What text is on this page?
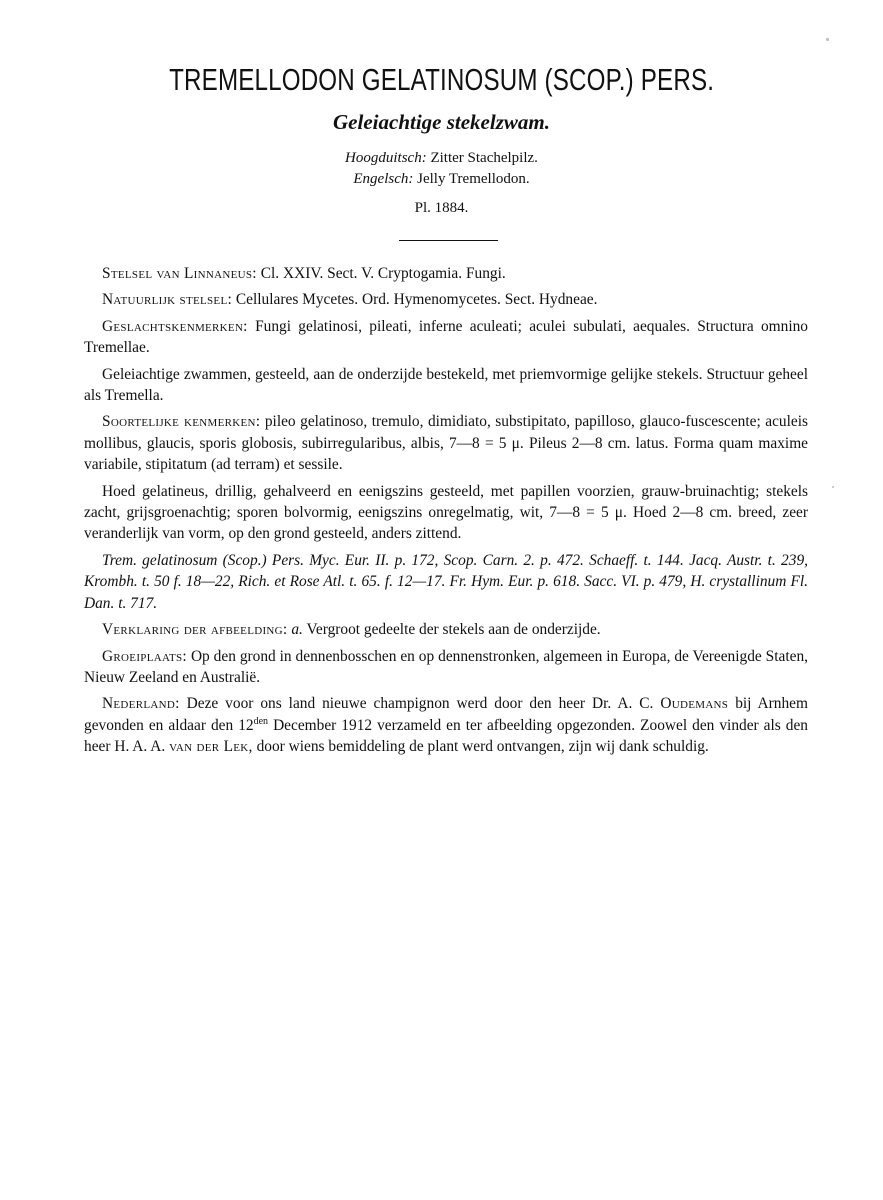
TREMELLODON GELATINOSUM (SCOP.) PERS.
Geleiachtige stekelzwam.
Hoogduitsch: Zitter Stachelpilz.
Engelsch: Jelly Tremellodon.
Pl. 1884.

Stelsel van Linnaneus: Cl. XXIV. Sect. V. Cryptogamia. Fungi.

Natuurlijk stelsel: Cellulares Mycetes. Ord. Hymenomycetes. Sect. Hydneae.

Geslachtskenmerken: Fungi gelatinosi, pileati, inferne aculeati; aculei subulati, aequales. Structura omnino Tremellae.

Geleiachtige zwammen, gesteeld, aan de onderzijde bestekeld, met priemvormige gelijke stekels. Structuur geheel als Tremella.

Soortelijke kenmerken: pileo gelatinoso, tremulo, dimidiato, substipitato, papilloso, glauco-fuscescente; aculeis mollibus, glaucis, sporis globosis, subirregularibus, albis, 7—8 = 5 μ. Pileus 2—8 cm. latus. Forma quam maxime variabile, stipitatum (ad terram) et sessile.

Hoed gelatineus, drillig, gehalveerd en eenigszins gesteeld, met papillen voorzien, grauw-bruinachtig; stekels zacht, grijsgroenachtig; sporen bolvormig, eenigszins onregelmatig, wit, 7—8 = 5 μ. Hoed 2—8 cm. breed, zeer veranderlijk van vorm, op den grond gesteeld, anders zittend.

Trem. gelatinosum (Scop.) Pers. Myc. Eur. II. p. 172, Scop. Carn. 2. p. 472. Schaeff. t. 144. Jacq. Austr. t. 239, Krombh. t. 50 f. 18—22, Rich. et Rose Atl. t. 65. f. 12—17. Fr. Hym. Eur. p. 618. Sacc. VI. p. 479, H. crystallinum Fl. Dan. t. 717.

Verklaring der afbeelding: a. Vergroot gedeelte der stekels aan de onderzijde.

Groeiplaats: Op den grond in dennenbosschen en op dennenstronken, algemeen in Europa, de Vereenigde Staten, Nieuw Zeeland en Australië.

Nederland: Deze voor ons land nieuwe champignon werd door den heer Dr. A. C. Oudemans bij Arnhem gevonden en aldaar den $12^{den}$ December 1912 verzameld en ter afbeelding opgezonden. Zoowel den vinder als den heer H. A. A. van der Lek, door wiens bemiddeling de plant werd ontvangen, zijn wij dank schuldig.
